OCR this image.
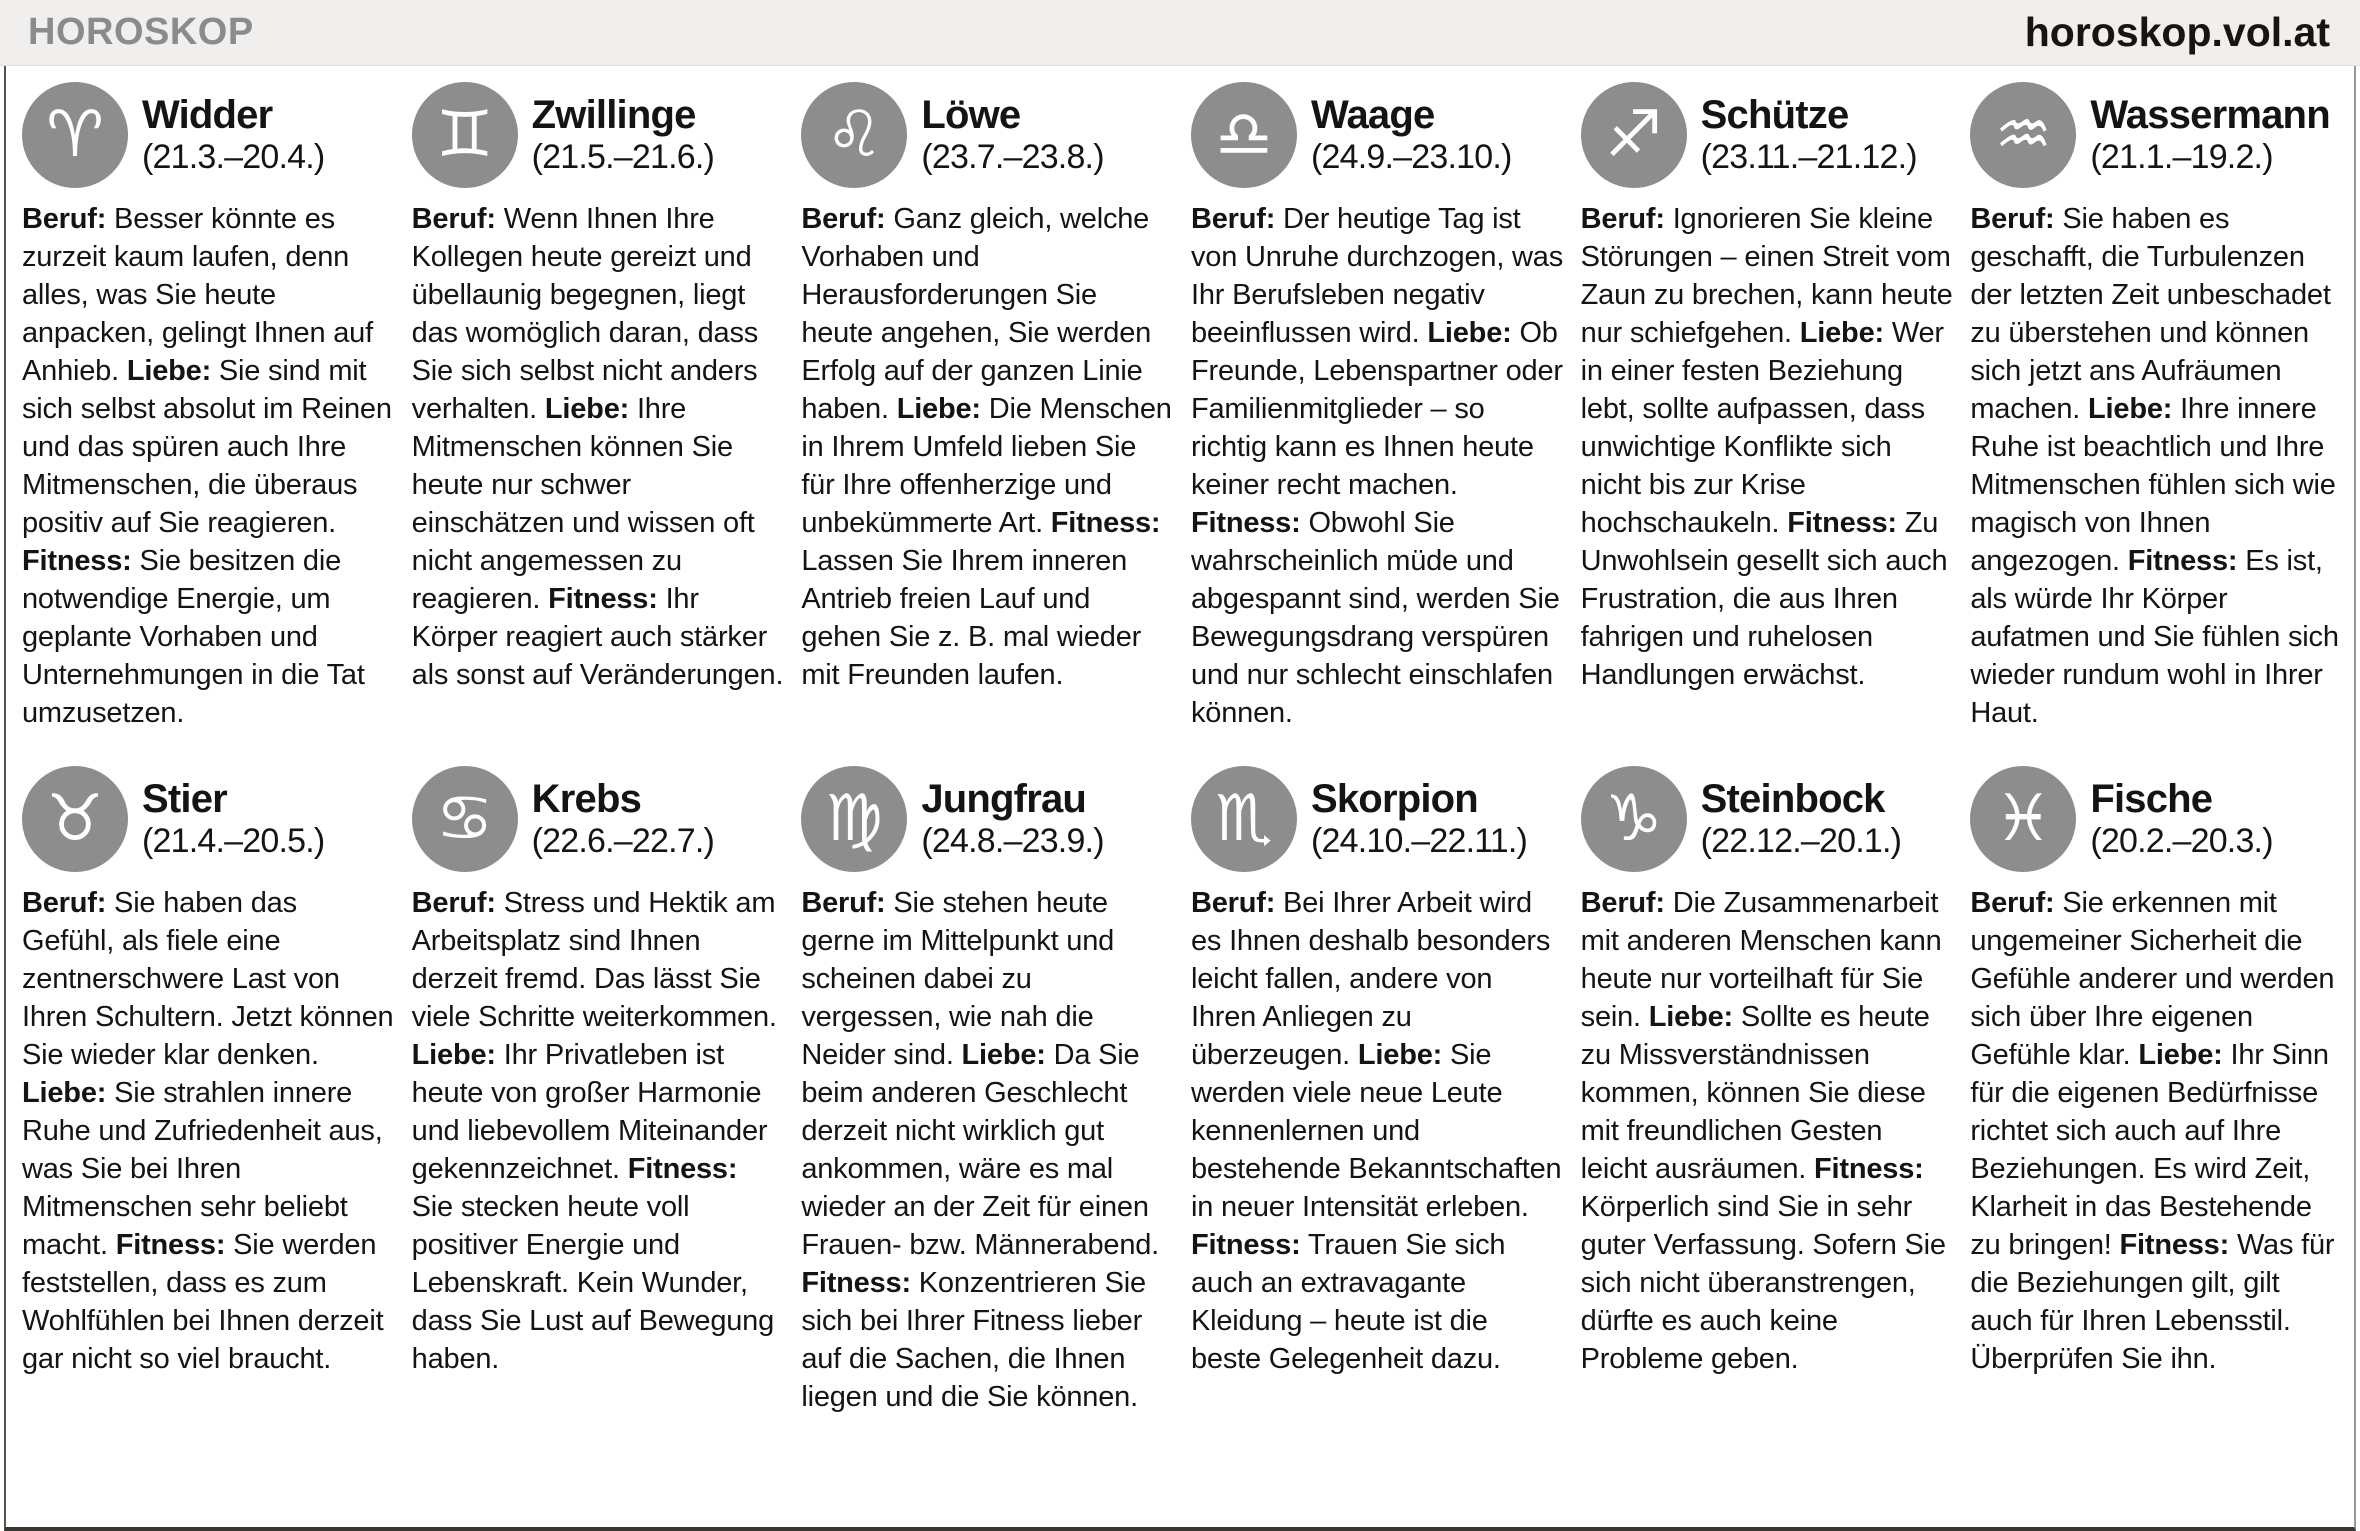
HOROSKOP	horoskop.vol.at
♈ Widder
(21.3.–20.4.)

Beruf: Besser könnte es zurzeit kaum laufen, denn alles, was Sie heute anpacken, gelingt Ihnen auf Anhieb. Liebe: Sie sind mit sich selbst absolut im Reinen und das spüren auch Ihre Mitmenschen, die überaus positiv auf Sie reagieren. Fitness: Sie besitzen die notwendige Energie, um geplante Vorhaben und Unternehmungen in die Tat umzusetzen.

♊ Zwillinge
(21.5.–21.6.)

Beruf: Wenn Ihnen Ihre Kollegen heute gereizt und übellaunig begegnen, liegt das womöglich daran, dass Sie sich selbst nicht anders verhalten. Liebe: Ihre Mitmenschen können Sie heute nur schwer einschätzen und wissen oft nicht angemessen zu reagieren. Fitness: Ihr Körper reagiert auch stärker als sonst auf Veränderungen.

♌ Löwe
(23.7.–23.8.)

Beruf: Ganz gleich, welche Vorhaben und Herausforderungen Sie heute angehen, Sie werden Erfolg auf der ganzen Linie haben. Liebe: Die Menschen in Ihrem Umfeld lieben Sie für Ihre offenherzige und unbekümmerte Art. Fitness: Lassen Sie Ihrem inneren Antrieb freien Lauf und gehen Sie z. B. mal wieder mit Freunden laufen.

♎ Waage
(24.9.–23.10.)

Beruf: Der heutige Tag ist von Unruhe durchzogen, was Ihr Berufsleben negativ beeinflussen wird. Liebe: Ob Freunde, Lebenspartner oder Familienmitglieder – so richtig kann es Ihnen heute keiner recht machen. Fitness: Obwohl Sie wahrscheinlich müde und abgespannt sind, werden Sie Bewegungsdrang verspüren und nur schlecht einschlafen können.

♐ Schütze
(23.11.–21.12.)

Beruf: Ignorieren Sie kleine Störungen – einen Streit vom Zaun zu brechen, kann heute nur schiefgehen. Liebe: Wer in einer festen Beziehung lebt, sollte aufpassen, dass unwichtige Konflikte sich nicht bis zur Krise hochschaukeln. Fitness: Zu Unwohlsein gesellt sich auch Frustration, die aus Ihren fahrigen und ruhelosen Handlungen erwächst.

♒ Wassermann
(21.1.–19.2.)

Beruf: Sie haben es geschafft, die Turbulenzen der letzten Zeit unbeschadet zu überstehen und können sich jetzt ans Aufräumen machen. Liebe: Ihre innere Ruhe ist beachtlich und Ihre Mitmenschen fühlen sich wie magisch von Ihnen angezogen. Fitness: Es ist, als würde Ihr Körper aufatmen und Sie fühlen sich wieder rundum wohl in Ihrer Haut.

♉ Stier
(21.4.–20.5.)

Beruf: Sie haben das Gefühl, als fiele eine zentnerschwere Last von Ihren Schultern. Jetzt können Sie wieder klar denken. Liebe: Sie strahlen innere Ruhe und Zufriedenheit aus, was Sie bei Ihren Mitmenschen sehr beliebt macht. Fitness: Sie werden feststellen, dass es zum Wohlfühlen bei Ihnen derzeit gar nicht so viel braucht.

♋ Krebs
(22.6.–22.7.)

Beruf: Stress und Hektik am Arbeitsplatz sind Ihnen derzeit fremd. Das lässt Sie viele Schritte weiterkommen. Liebe: Ihr Privatleben ist heute von großer Harmonie und liebevollem Miteinander gekennzeichnet. Fitness: Sie stecken heute voll positiver Energie und Lebenskraft. Kein Wunder, dass Sie Lust auf Bewegung haben.

♍ Jungfrau
(24.8.–23.9.)

Beruf: Sie stehen heute gerne im Mittelpunkt und scheinen dabei zu vergessen, wie nah die Neider sind. Liebe: Da Sie beim anderen Geschlecht derzeit nicht wirklich gut ankommen, wäre es mal wieder an der Zeit für einen Frauen- bzw. Männerabend. Fitness: Konzentrieren Sie sich bei Ihrer Fitness lieber auf die Sachen, die Ihnen liegen und die Sie können.

♏ Skorpion
(24.10.–22.11.)

Beruf: Bei Ihrer Arbeit wird es Ihnen deshalb besonders leicht fallen, andere von Ihren Anliegen zu überzeugen. Liebe: Sie werden viele neue Leute kennenlernen und bestehende Bekanntschaften in neuer Intensität erleben. Fitness: Trauen Sie sich auch an extravagante Kleidung – heute ist die beste Gelegenheit dazu.

♑ Steinbock
(22.12.–20.1.)

Beruf: Die Zusammenarbeit mit anderen Menschen kann heute nur vorteilhaft für Sie sein. Liebe: Sollte es heute zu Missverständnissen kommen, können Sie diese mit freundlichen Gesten leicht ausräumen. Fitness: Körperlich sind Sie in sehr guter Verfassung. Sofern Sie sich nicht überanstrengen, dürfte es auch keine Probleme geben.

♓ Fische
(20.2.–20.3.)

Beruf: Sie erkennen mit ungemeiner Sicherheit die Gefühle anderer und werden sich über Ihre eigenen Gefühle klar. Liebe: Ihr Sinn für die eigenen Bedürfnisse richtet sich auch auf Ihre Beziehungen. Es wird Zeit, Klarheit in das Bestehende zu bringen! Fitness: Was für die Beziehungen gilt, gilt auch für Ihren Lebensstil. Überprüfen Sie ihn.
